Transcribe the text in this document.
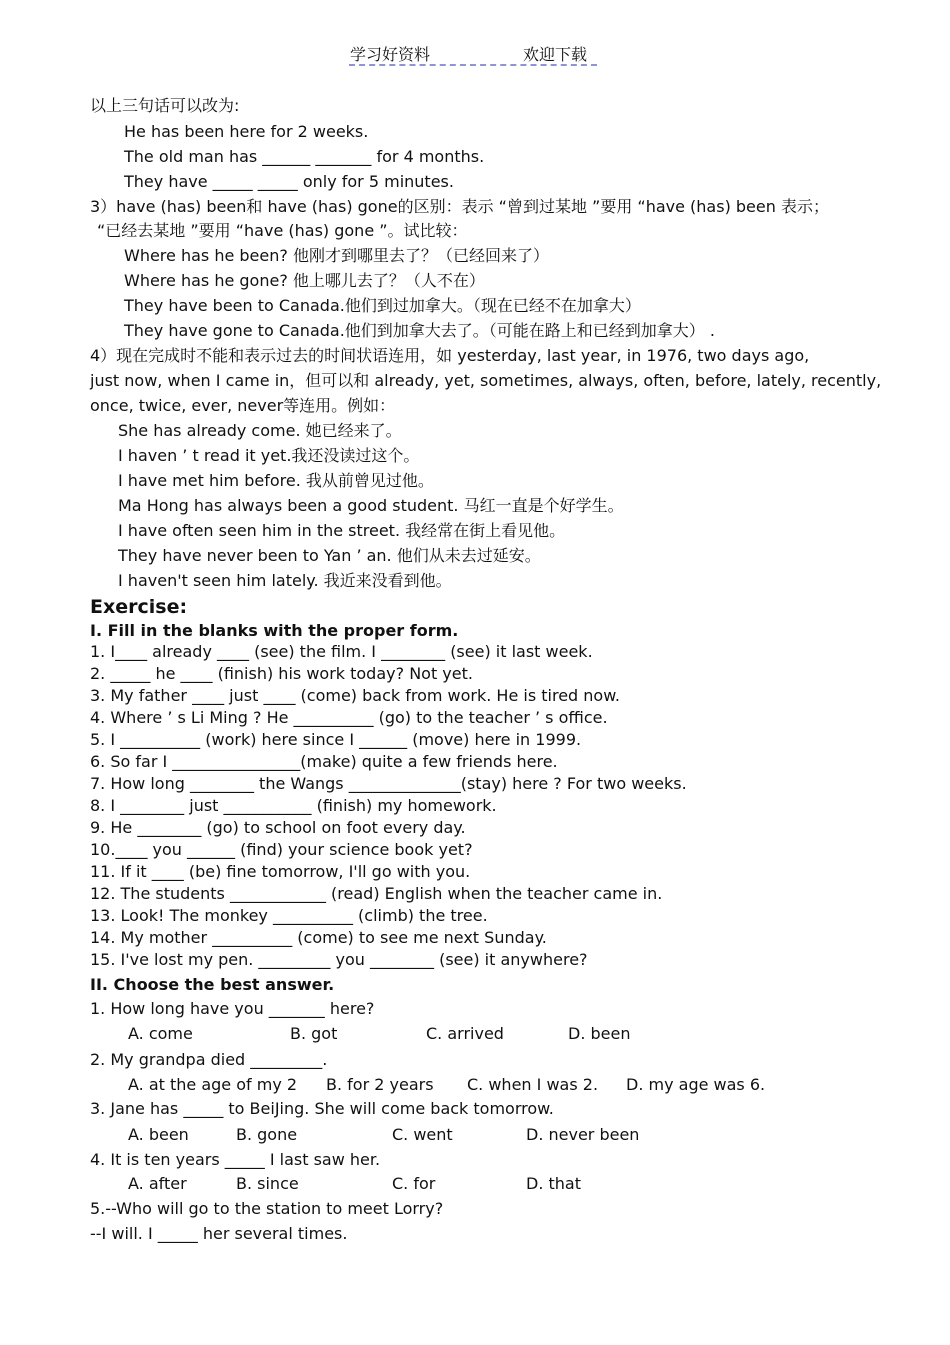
学习好资料	欢迎下载
以上三句话可以改为:
He has been here for 2 weeks.
The old man has ______ _______ for 4 months.
They have _____ _____ only for 5 minutes.
3）have (has) been和 have (has) gone的区别：表示 “曾到过某地 ”要用 “have (has) been 表示；
“已经去某地 ”要用 “have (has) gone ”。试比较：
Where has he been? 他刚才到哪里去了？（已经回来了）
Where has he gone? 他上哪儿去了？（人不在）
They have been to Canada.他们到过加拿大。（现在已经不在加拿大）
They have gone to Canada.他们到加拿大去了。（可能在路上和已经到加拿大） .
4）现在完成时不能和表示过去的时间状语连用，如 yesterday, last year, in 1976, two days ago,
just now, when I came in，但可以和 already, yet, sometimes, always, often, before, lately, recently,
once, twice, ever, never等连用。例如：
She has already come. 她已经来了。
I haven ’ t read it yet.我还没读过这个。
I have met him before. 我从前曾见过他。
Ma Hong has always been a good student. 马红一直是个好学生。
I have often seen him in the street. 我经常在街上看见他。
They have never been to Yan ’ an. 他们从未去过延安。
I haven't seen him lately. 我近来没看到他。
Exercise:
I. Fill in the blanks with the proper form.
1. I____ already ____ (see) the film. I ________ (see) it last week.
2. _____ he ____ (finish) his work today? Not yet.
3. My father ____ just ____ (come) back from work. He is tired now.
4. Where ’ s Li Ming ? He __________ (go) to the teacher ’ s office.
5. I __________ (work) here since I ______ (move) here in 1999.
6. So far I ________________(make) quite a few friends here.
7. How long ________ the Wangs ______________(stay) here ? For two weeks.
8. I ________ just ___________ (finish) my homework.
9. He ________ (go) to school on foot every day.
10.____ you ______ (find) your science book yet?
11. If it ____ (be) fine tomorrow, I'll go with you.
12. The students ____________ (read) English when the teacher came in.
13. Look! The monkey __________ (climb) the tree.
14. My mother __________ (come) to see me next Sunday.
15. I've lost my pen. _________ you ________ (see) it anywhere?
II. Choose the best answer.
1. How long have you _______ here?
A. come	B. got	C. arrived	D. been
2. My grandpa died _________.
A. at the age of my 2 B. for 2 years C. when I was 2. D. my age was 6.
3. Jane has _____ to BeiJing. She will come back tomorrow.
A. been	B. gone	C. went	D. never been
4. It is ten years _____ I last saw her.
A. after	B. since	C. for	D. that
5.--Who will go to the station to meet Lorry?
--I will. I _____ her several times.
